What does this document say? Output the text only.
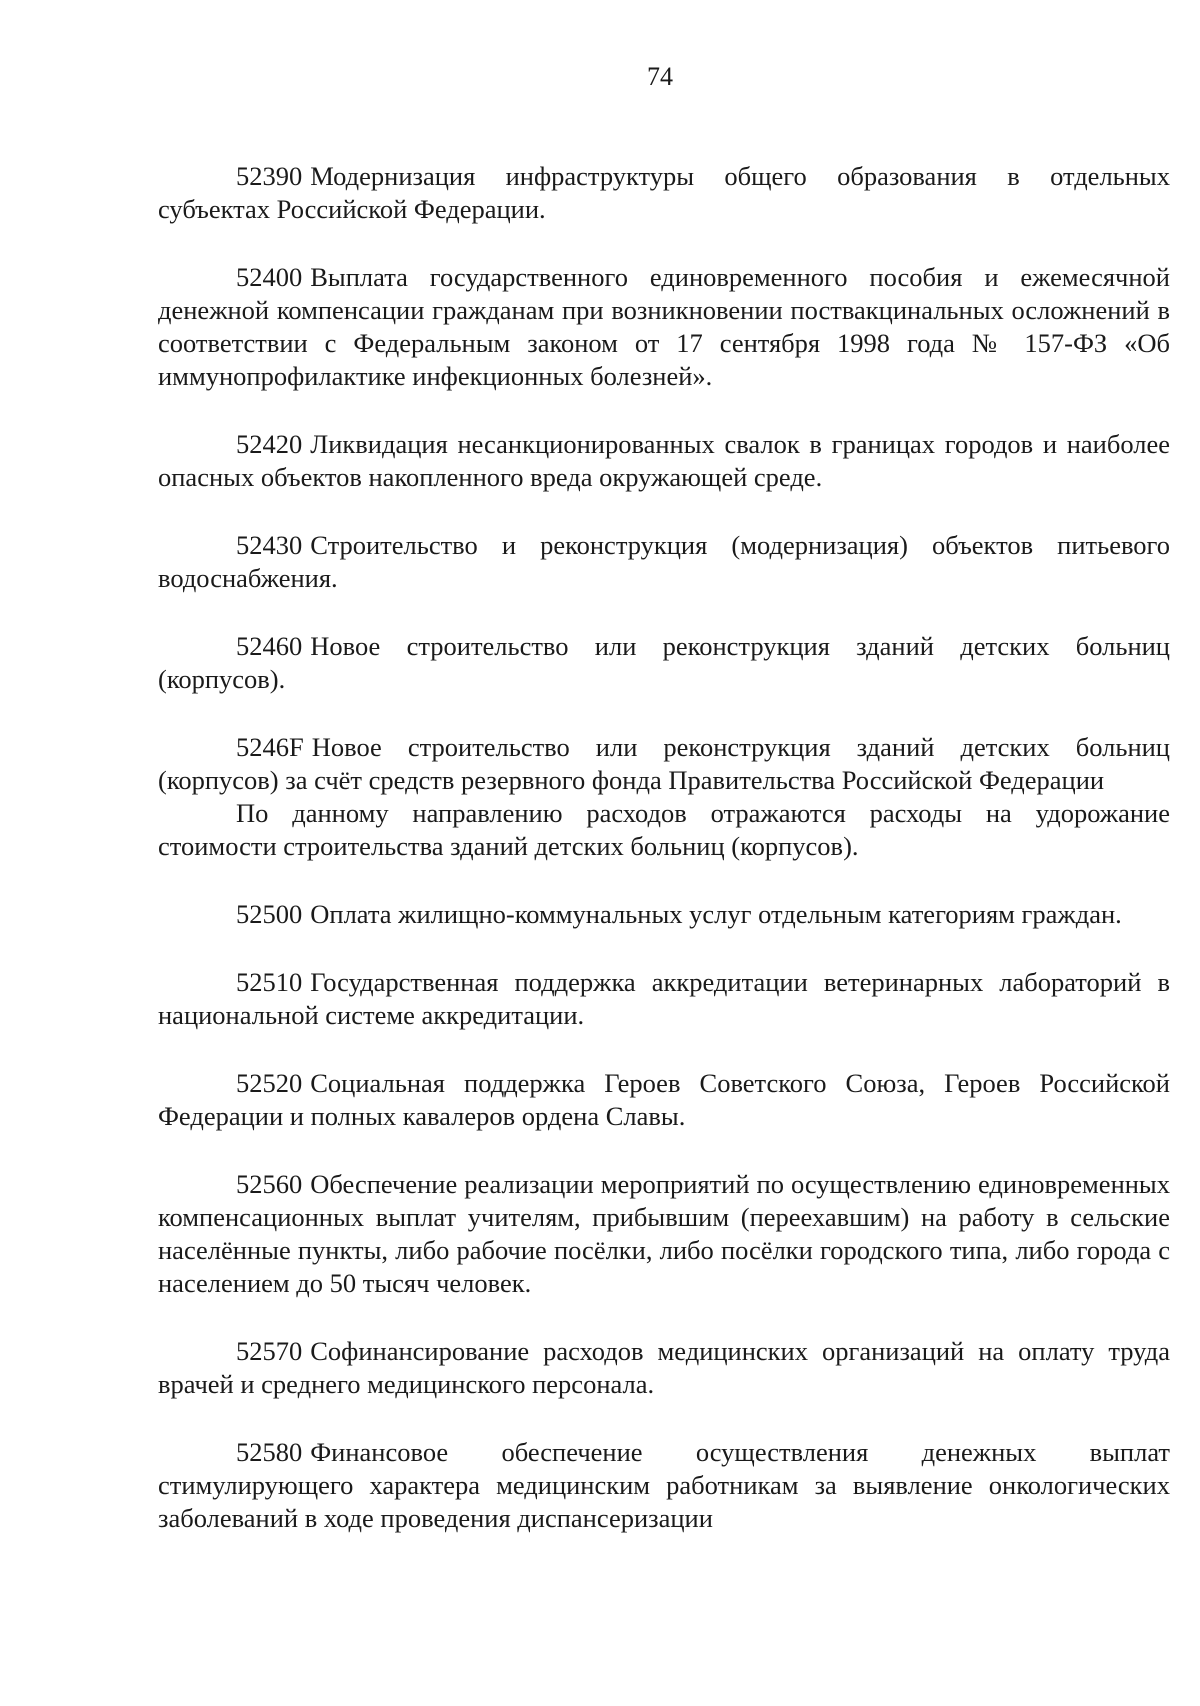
74

52390 Модернизация инфраструктуры общего образования в отдельных субъектах Российской Федерации.

52400 Выплата государственного единовременного пособия и ежемесячной денежной компенсации гражданам при возникновении поствакцинальных осложнений в соответствии с Федеральным законом от 17 сентября 1998 года № 157-ФЗ «Об иммунопрофилактике инфекционных болезней».

52420 Ликвидация несанкционированных свалок в границах городов и наиболее опасных объектов накопленного вреда окружающей среде.

52430 Строительство и реконструкция (модернизация) объектов питьевого водоснабжения.

52460 Новое строительство или реконструкция зданий детских больниц (корпусов).

5246F Новое строительство или реконструкция зданий детских больниц (корпусов) за счёт средств резервного фонда Правительства Российской Федерации

По данному направлению расходов отражаются расходы на удорожание стоимости строительства зданий детских больниц (корпусов).

52500 Оплата жилищно-коммунальных услуг отдельным категориям граждан.

52510 Государственная поддержка аккредитации ветеринарных лабораторий в национальной системе аккредитации.

52520 Социальная поддержка Героев Советского Союза, Героев Российской Федерации и полных кавалеров ордена Славы.

52560 Обеспечение реализации мероприятий по осуществлению единовременных компенсационных выплат учителям, прибывшим (переехавшим) на работу в сельские населённые пункты, либо рабочие посёлки, либо посёлки городского типа, либо города с населением до 50 тысяч человек.

52570 Софинансирование расходов медицинских организаций на оплату труда врачей и среднего медицинского персонала.

52580 Финансовое обеспечение осуществления денежных выплат стимулирующего характера медицинским работникам за выявление онкологических заболеваний в ходе проведения диспансеризации
